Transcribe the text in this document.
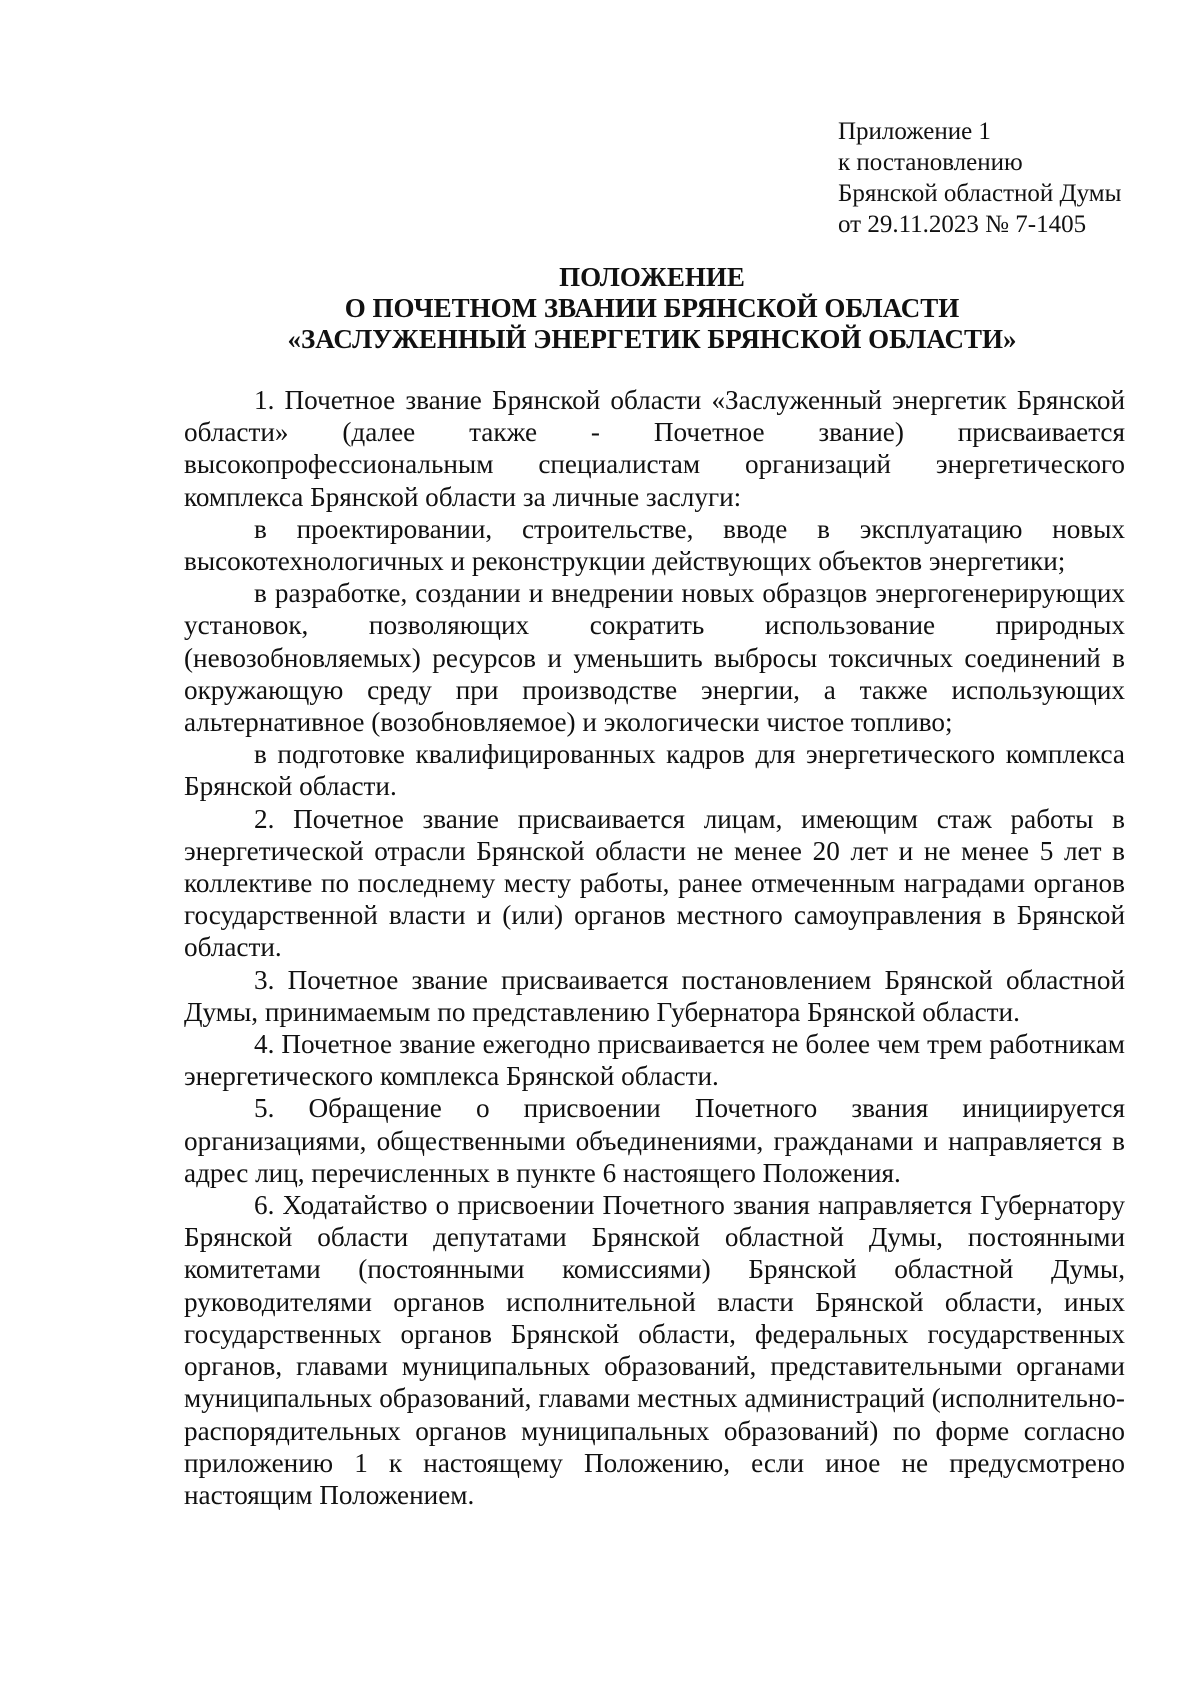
Приложение 1
к постановлению
Брянской областной Думы
от 29.11.2023 № 7-1405
ПОЛОЖЕНИЕ
О ПОЧЕТНОМ ЗВАНИИ БРЯНСКОЙ ОБЛАСТИ
«ЗАСЛУЖЕННЫЙ ЭНЕРГЕТИК БРЯНСКОЙ ОБЛАСТИ»

1. Почетное звание Брянской области «Заслуженный энергетик Брянской области» (далее также - Почетное звание) присваивается высокопрофессиональным специалистам организаций энергетического комплекса Брянской области за личные заслуги:

в проектировании, строительстве, вводе в эксплуатацию новых высокотехнологичных и реконструкции действующих объектов энергетики;

в разработке, создании и внедрении новых образцов энергогенерирующих установок, позволяющих сократить использование природных (невозобновляемых) ресурсов и уменьшить выбросы токсичных соединений в окружающую среду при производстве энергии, а также использующих альтернативное (возобновляемое) и экологически чистое топливо;

в подготовке квалифицированных кадров для энергетического комплекса Брянской области.

2. Почетное звание присваивается лицам, имеющим стаж работы в энергетической отрасли Брянской области не менее 20 лет и не менее 5 лет в коллективе по последнему месту работы, ранее отмеченным наградами органов государственной власти и (или) органов местного самоуправления в Брянской области.

3. Почетное звание присваивается постановлением Брянской областной Думы, принимаемым по представлению Губернатора Брянской области.

4. Почетное звание ежегодно присваивается не более чем трем работникам энергетического комплекса Брянской области.

5. Обращение о присвоении Почетного звания инициируется организациями, общественными объединениями, гражданами и направляется в адрес лиц, перечисленных в пункте 6 настоящего Положения.

6. Ходатайство о присвоении Почетного звания направляется Губернатору Брянской области депутатами Брянской областной Думы, постоянными комитетами (постоянными комиссиями) Брянской областной Думы, руководителями органов исполнительной власти Брянской области, иных государственных органов Брянской области, федеральных государственных органов, главами муниципальных образований, представительными органами муниципальных образований, главами местных администраций (исполнительно-распорядительных органов муниципальных образований) по форме согласно приложению 1 к настоящему Положению, если иное не предусмотрено настоящим Положением.
